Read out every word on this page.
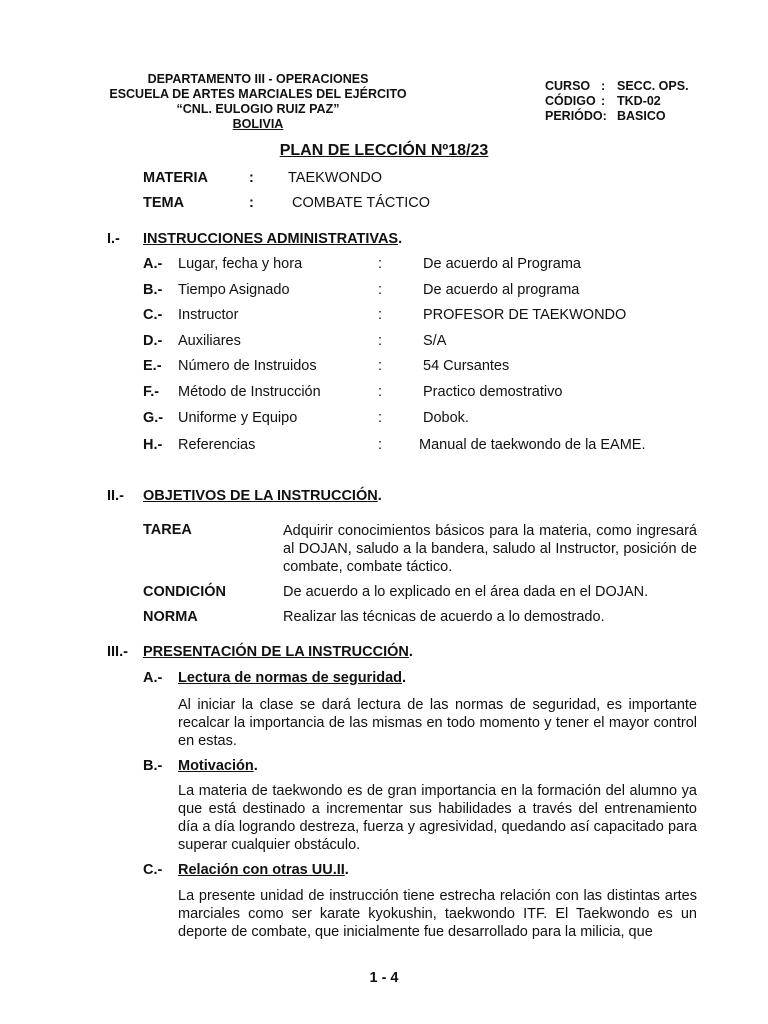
DEPARTAMENTO III - OPERACIONES
ESCUELA DE ARTES MARCIALES DEL EJÉRCITO
“CNL. EULOGIO RUIZ PAZ”
BOLIVIA
CURSO : SECC. OPS.
CÓDIGO : TKD-02
PERIÓDO: BASICO
PLAN DE LECCIÓN Nº18/23
MATERIA	: TAEKWONDO
TEMA	:	COMBATE TÁCTICO
I.- INSTRUCCIONES ADMINISTRATIVAS.
A.- Lugar, fecha y hora	:	De acuerdo al Programa
B.- Tiempo Asignado	:	De acuerdo al programa
C.- Instructor	:	PROFESOR DE TAEKWONDO
D.- Auxiliares	:	S/A
E.- Número de Instruidos	:	54 Cursantes
F.- Método de Instrucción	:	Practico demostrativo
G.- Uniforme y Equipo	:	Dobok.
H.- Referencias	:	Manual de taekwondo de la EAME.
II.- OBJETIVOS DE LA INSTRUCCIÓN.
TAREA	Adquirir conocimientos básicos para la materia, como ingresará al DOJAN, saludo a la bandera, saludo al Instructor, posición de combate, combate táctico.
CONDICIÓN	De acuerdo a lo explicado en el área dada en el DOJAN.
NORMA	Realizar las técnicas de acuerdo a lo demostrado.
III.- PRESENTACIÓN DE LA INSTRUCCIÓN.
A.- Lectura de normas de seguridad.
Al iniciar la clase se dará lectura de las normas de seguridad, es importante recalcar la importancia de las mismas en todo momento y tener el mayor control en estas.
B.- Motivación.
La materia de taekwondo es de gran importancia en la formación del alumno ya que está destinado a incrementar sus habilidades a través del entrenamiento día a día logrando destreza, fuerza y agresividad, quedando así capacitado para superar cualquier obstáculo.
C.- Relación con otras UU.II.
La presente unidad de instrucción tiene estrecha relación con las distintas artes marciales como ser karate kyokushin, taekwondo ITF. El Taekwondo es un deporte de combate, que inicialmente fue desarrollado para la milicia, que
1 - 4
